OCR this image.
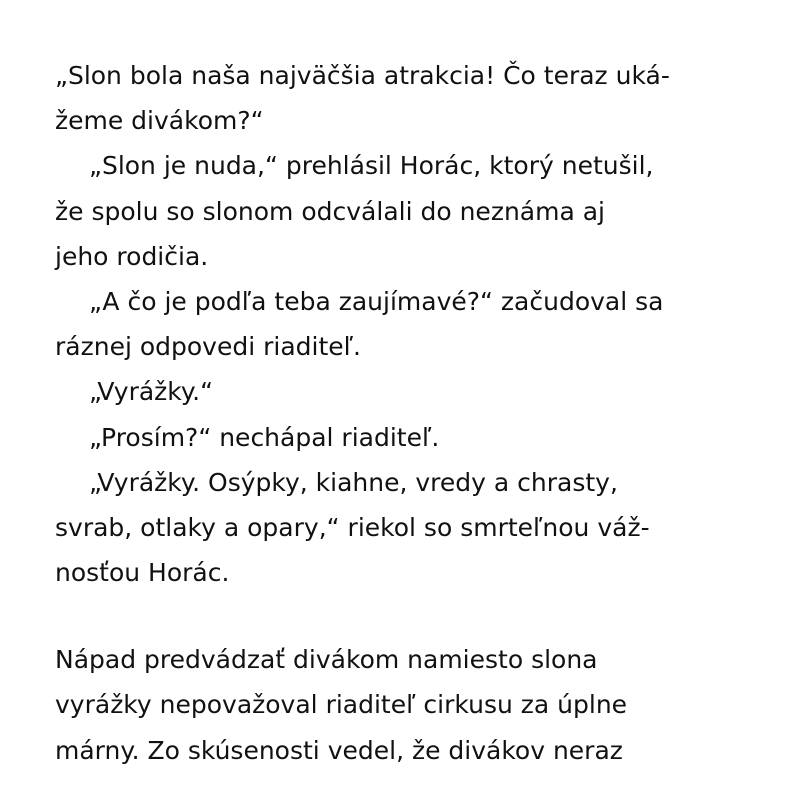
„Slon bola naša najväčšia atrakcia! Čo teraz uká-
žeme divákom?“
„Slon je nuda,“ prehlásil Horác, ktorý netušil,
že spolu so slonom odcválali do neznáma aj
jeho rodičia.
„A čo je podľa teba zaujímavé?“ začudoval sa
ráznej odpovedi riaditeľ.
„Vyrážky.“
„Prosím?“ nechápal riaditeľ.
„Vyrážky. Osýpky, kiahne, vredy a chrasty,
svrab, otlaky a opary,“ riekol so smrteľnou váž-
nosťou Horác.
Nápad predvádzať divákom namiesto slona
vyrážky nepovažoval riaditeľ cirkusu za úplne
márny. Zo skúsenosti vedel, že divákov neraz
